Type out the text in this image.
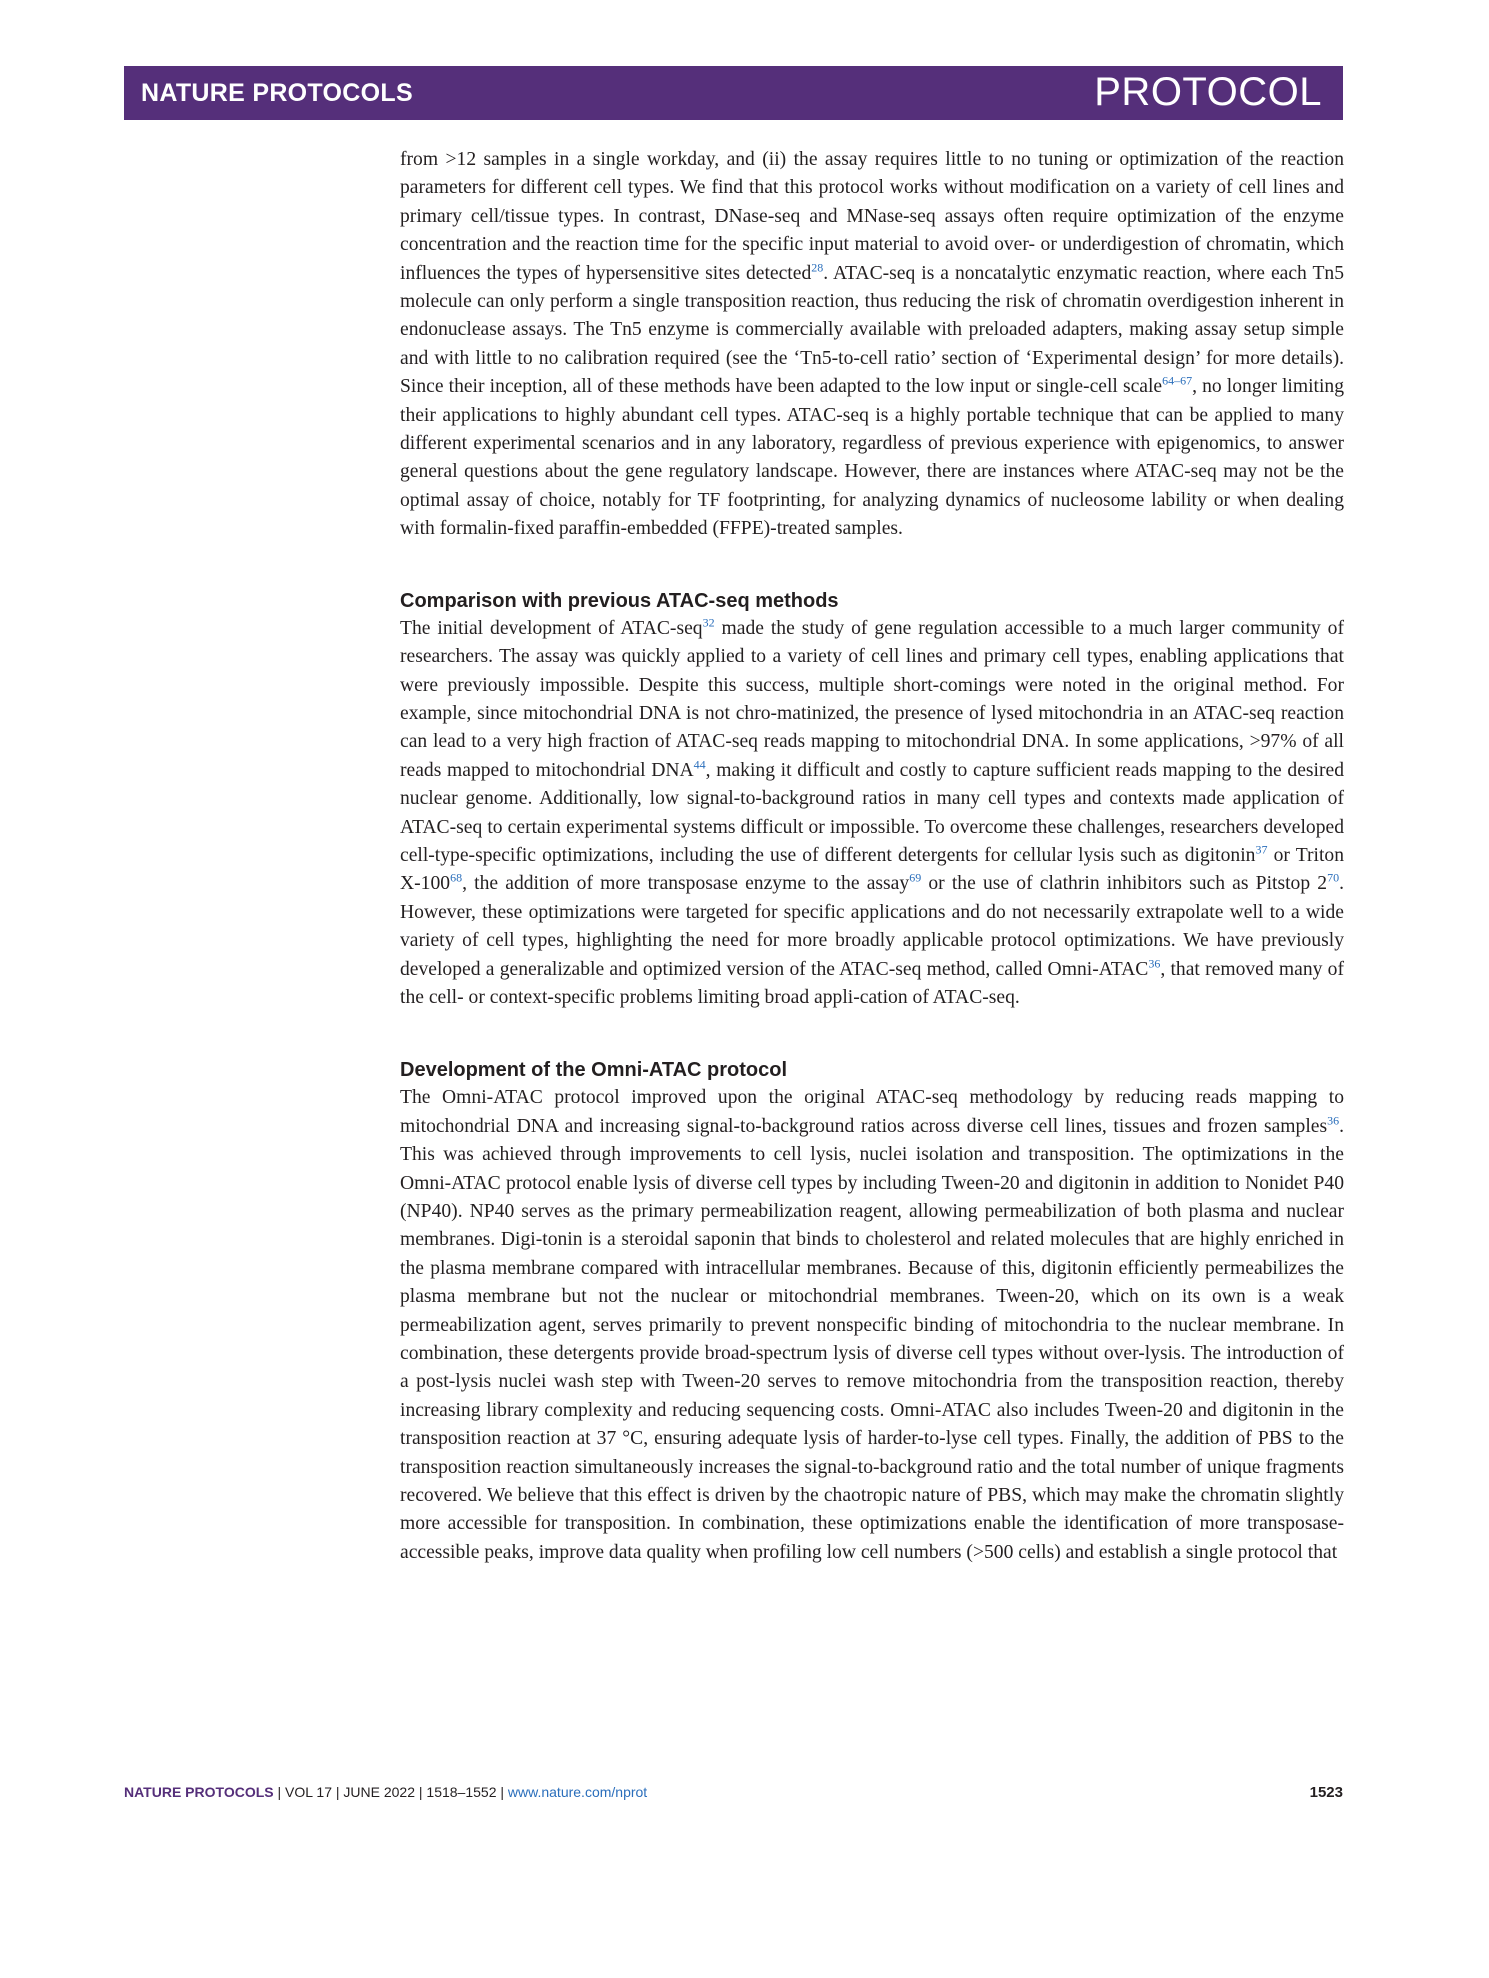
NATURE PROTOCOLS	PROTOCOL

from >12 samples in a single workday, and (ii) the assay requires little to no tuning or optimization of the reaction parameters for different cell types. We find that this protocol works without modification on a variety of cell lines and primary cell/tissue types. In contrast, DNase-seq and MNase-seq assays often require optimization of the enzyme concentration and the reaction time for the specific input material to avoid over- or underdigestion of chromatin, which influences the types of hypersensitive sites detected$^{28}$. ATAC-seq is a noncatalytic enzymatic reaction, where each Tn5 molecule can only perform a single transposition reaction, thus reducing the risk of chromatin overdigestion inherent in endonuclease assays. The Tn5 enzyme is commercially available with preloaded adapters, making assay setup simple and with little to no calibration required (see the ‘Tn5-to-cell ratio’ section of ‘Experimental design’ for more details). Since their inception, all of these methods have been adapted to the low input or single-cell scale$^{64-67}$, no longer limiting their applications to highly abundant cell types. ATAC-seq is a highly portable technique that can be applied to many different experimental scenarios and in any laboratory, regardless of previous experience with epigenomics, to answer general questions about the gene regulatory landscape. However, there are instances where ATAC-seq may not be the optimal assay of choice, notably for TF footprinting, for analyzing dynamics of nucleosome lability or when dealing with formalin-fixed paraffin-embedded (FFPE)-treated samples.

Comparison with previous ATAC-seq methods

The initial development of ATAC-seq$^{32}$ made the study of gene regulation accessible to a much larger community of researchers. The assay was quickly applied to a variety of cell lines and primary cell types, enabling applications that were previously impossible. Despite this success, multiple short-comings were noted in the original method. For example, since mitochondrial DNA is not chro-matinized, the presence of lysed mitochondria in an ATAC-seq reaction can lead to a very high fraction of ATAC-seq reads mapping to mitochondrial DNA. In some applications, >97% of all reads mapped to mitochondrial DNA$^{44}$, making it difficult and costly to capture sufficient reads mapping to the desired nuclear genome. Additionally, low signal-to-background ratios in many cell types and contexts made application of ATAC-seq to certain experimental systems difficult or impossible. To overcome these challenges, researchers developed cell-type-specific optimizations, including the use of different detergents for cellular lysis such as digitonin$^{37}$ or Triton $X-100^{68}$, the addition of more transposase enzyme to the assay$^{69}$ or the use of clathrin inhibitors such as Pitstop $2^{70}$. However, these optimizations were targeted for specific applications and do not necessarily extrapolate well to a wide variety of cell types, highlighting the need for more broadly applicable protocol optimizations. We have previously developed a generalizable and optimized version of the ATAC-seq method, called Omni-ATAC$^{36}$, that removed many of the cell- or context-specific problems limiting broad appli-cation of ATAC-seq.

Development of the Omni-ATAC protocol

The Omni-ATAC protocol improved upon the original ATAC-seq methodology by reducing reads mapping to mitochondrial DNA and increasing signal-to-background ratios across diverse cell lines, tissues and frozen samples$^{36}$. This was achieved through improvements to cell lysis, nuclei isolation and transposition. The optimizations in the Omni-ATAC protocol enable lysis of diverse cell types by including Tween-20 and digitonin in addition to Nonidet P40 (NP40). NP40 serves as the primary permeabilization reagent, allowing permeabilization of both plasma and nuclear membranes. Digi-tonin is a steroidal saponin that binds to cholesterol and related molecules that are highly enriched in the plasma membrane compared with intracellular membranes. Because of this, digitonin efficiently permeabilizes the plasma membrane but not the nuclear or mitochondrial membranes. Tween-20, which on its own is a weak permeabilization agent, serves primarily to prevent nonspecific binding of mitochondria to the nuclear membrane. In combination, these detergents provide broad-spectrum lysis of diverse cell types without over-lysis. The introduction of a post-lysis nuclei wash step with Tween-20 serves to remove mitochondria from the transposition reaction, thereby increasing library complexity and reducing sequencing costs. Omni-ATAC also includes Tween-20 and digitonin in the transposition reaction at 37 °C, ensuring adequate lysis of harder-to-lyse cell types. Finally, the addition of PBS to the transposition reaction simultaneously increases the signal-to-background ratio and the total number of unique fragments recovered. We believe that this effect is driven by the chaotropic nature of PBS, which may make the chromatin slightly more accessible for transposition. In combination, these optimizations enable the identification of more transposase-accessible peaks, improve data quality when profiling low cell numbers (>500 cells) and establish a single protocol that

NATURE PROTOCOLS | VOL 17 | JUNE 2022 | 1518–1552 | www.nature.com/nprot	1523
